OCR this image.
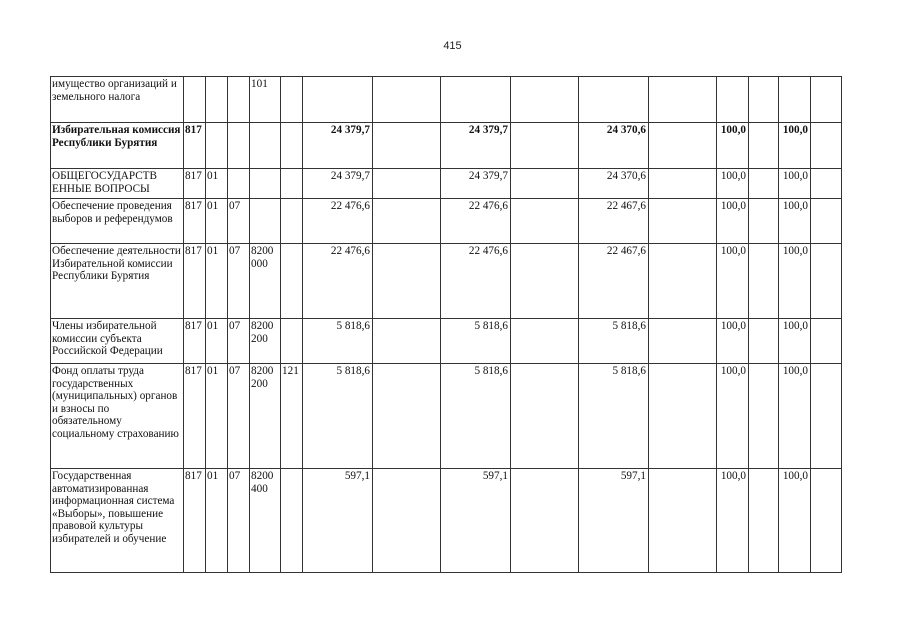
415
имущество организаций и земельного налога				101											
Избирательная комиссия Республики Бурятия	817					24 379,7		24 379,7		24 370,6		100,0		100,0	
ОБЩЕГОСУДАРСТВ ЕННЫЕ ВОПРОСЫ	817	01				24 379,7		24 379,7		24 370,6		100,0		100,0	
Обеспечение проведения выборов и референдумов	817	01	07			22 476,6		22 476,6		22 467,6		100,0		100,0	
Обеспечение деятельности Избирательной комиссии Республики Бурятия	817	01	07	8200 000		22 476,6		22 476,6		22 467,6		100,0		100,0	
Члены избирательной комиссии субъекта Российской Федерации	817	01	07	8200 200		5 818,6		5 818,6		5 818,6		100,0		100,0	
Фонд оплаты труда государственных (муниципальных) органов и взносы по обязательному социальному страхованию	817	01	07	8200 200	121	5 818,6		5 818,6		5 818,6		100,0		100,0	
Государственная автоматизированная информационная система «Выборы», повышение правовой культуры избирателей и обучение	817	01	07	8200 400		597,1		597,1		597,1		100,0		100,0	
